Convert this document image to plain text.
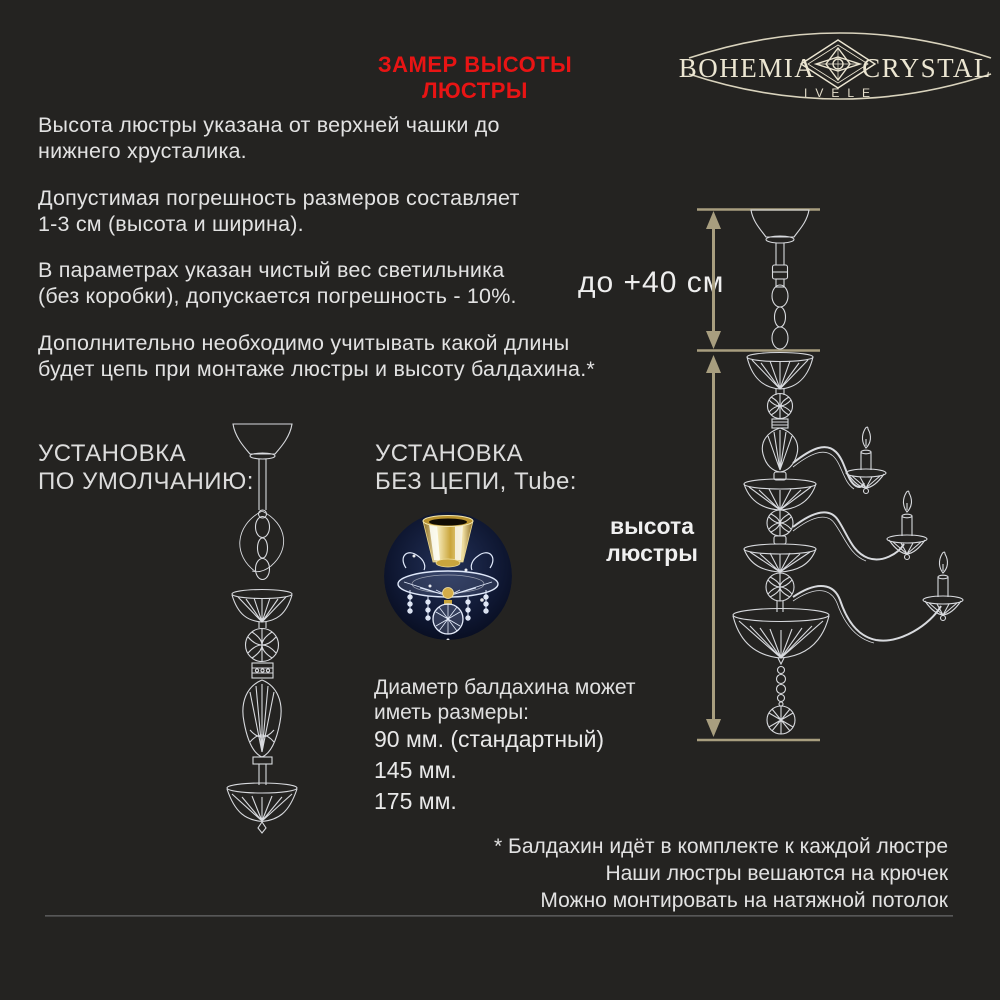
ЗАМЕР ВЫСОТЫ ЛЮСТРЫ
Высота люстры указана от верхней чашки до
нижнего хрусталика.
Допустимая погрешность размеров составляет
1-3 см (высота и ширина).
В параметрах указан чистый вес светильника
(без коробки), допускается погрешность - 10%.
Дополнительно необходимо учитывать какой длины
будет цепь при монтаже люстры и высоту балдахина.*
УСТАНОВКА
ПО УМОЛЧАНИЮ:
УСТАНОВКА
БЕЗ ЦЕПИ, Tube:
до +40 см
высота
люстры
Диаметр балдахина может
иметь размеры:
90 мм. (стандартный)
145 мм.
175 мм.
* Балдахин идёт в комплекте к каждой люстре
Наши люстры вешаются на крючек
Можно монтировать на натяжной потолок
BOHEMIA CRYSTAL
IVELE
